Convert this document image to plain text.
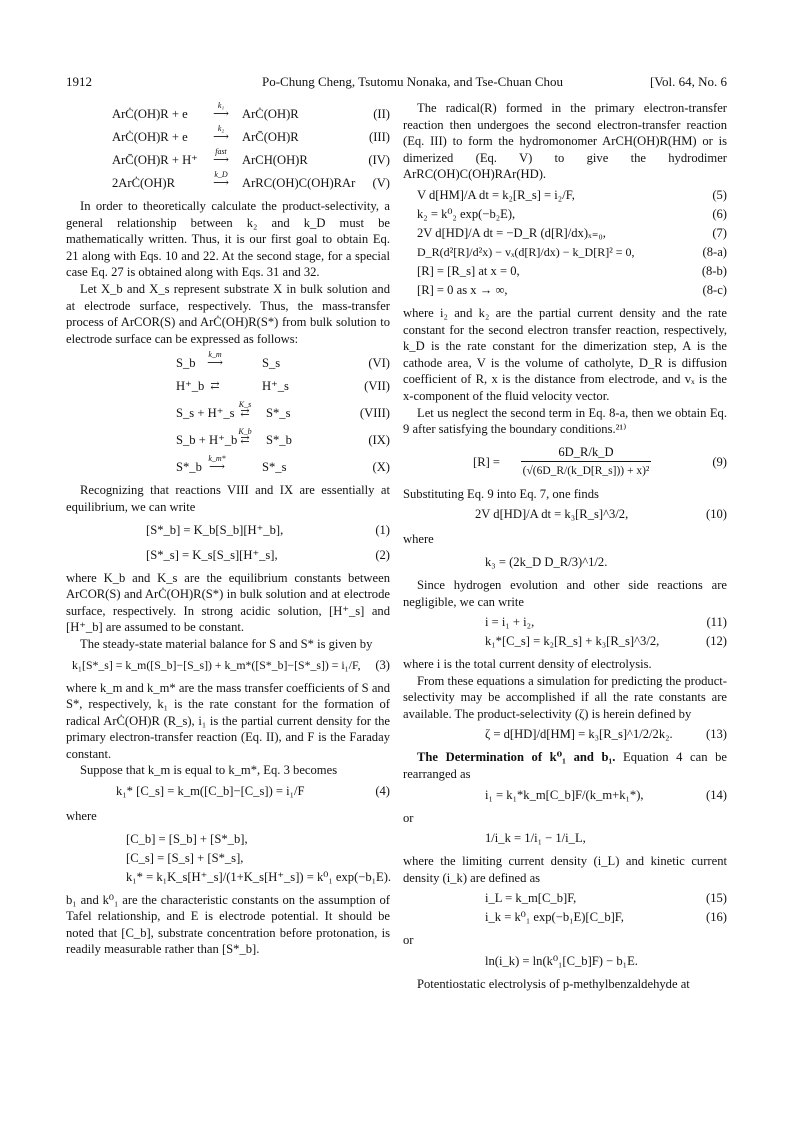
1912	Po-Chung Cheng, Tsutomu Nonaka, and Tse-Chuan Chou	[Vol. 64, No. 6
ArĊ(OH)R + e	⟶
k₁
ArĊ(OH)R	(II)
ArĊ(OH)R + e	⟶
k₂
ArC̄(OH)R	(III)
ArC̄(OH)R + H⁺	⟶
fast
ArCH(OH)R	(IV)
2ArĊ(OH)R	⟶
k_D
ArRC(OH)C(OH)RAr (V)

In order to theoretically calculate the product-selectivity, a general relationship between k₂ and k_D must be mathematically written. Thus, it is our first goal to obtain Eq. 21 along with Eqs. 10 and 22. At the second stage, for a special case Eq. 27 is obtained along with Eqs. 31 and 32.

Let X_b and X_s represent substrate X in bulk solution and at electrode surface, respectively. Thus, the mass-transfer process of ArCOR(S) and ArĊ(OH)R(S*) from bulk solution to electrode surface can be expressed as follows:

S_b	⟶
k_m
S_s	(VI)
H⁺_b ⇄	H⁺_s	(VII)
S_s + H⁺_s ⇄
K_s
S*_s	(VIII)
S_b + H⁺_b ⇄
K_b
S*_b	(IX)
S*_b ⟶
k_m*
S*_s	(X)

Recognizing that reactions VIII and IX are essentially at equilibrium, we can write

[S*_b] = K_b[S_b][H⁺_b],	(1)
[S*_s] = K_s[S_s][H⁺_s],	(2)

where K_b and K_s are the equilibrium constants between ArCOR(S) and ArĊ(OH)R(S*) in bulk solution and at electrode surface, respectively. In strong acidic solution, [H⁺_s] and [H⁺_b] are assumed to be constant.

The steady-state material balance for S and S* is given by

k₁[S*_s] = k_m([S_b]−[S_s]) + k_m*([S*_b]−[S*_s]) = i₁/F, (3)

where k_m and k_m* are the mass transfer coefficients of S and S*, respectively, k₁ is the rate constant for the formation of radical ArĊ(OH)R (R_s), i₁ is the partial current density for the primary electron-transfer reaction (Eq. II), and F is the Faraday constant.

Suppose that k_m is equal to k_m*, Eq. 3 becomes

k₁* [C_s] = k_m([C_b]−[C_s]) = i₁/F	(4)

where

[C_b] = [S_b] + [S*_b],
[C_s] = [S_s] + [S*_s],
k₁* = k₁K_s[H⁺_s]/(1+K_s[H⁺_s]) = k⁰₁ exp(−b₁E).

b₁ and k⁰₁ are the characteristic constants on the assumption of Tafel relationship, and E is electrode potential. It should be noted that [C_b], substrate concentration before protonation, is readily measurable rather than [S*_b].

The radical(R) formed in the primary electron-transfer reaction then undergoes the second electron-transfer reaction (Eq. III) to form the hydromonomer ArCH(OH)R(HM) or is dimerized (Eq. V) to give the hydrodimer ArRC(OH)C(OH)RAr(HD).

V d[HM]/A dt = k₂[R_s] = i₂/F,	(5)
k₂ = k⁰₂ exp(−b₂E),	(6)
2V d[HD]/A dt = −D_R (d[R]/dx)ₓ₌₀,	(7)
D_R(d²[R]/d²x) − vₓ(d[R]/dx) − k_D[R]² = 0,	(8-a)
[R] = [R_s] at x = 0,	(8-b)
[R] = 0 as x → ∞,	(8-c)

where i₂ and k₂ are the partial current density and the rate constant for the second electron transfer reaction, respectively, k_D is the rate constant for the dimerization step, A is the cathode area, V is the volume of catholyte, D_R is diffusion coefficient of R, x is the distance from electrode, and vₓ is the x-component of the fluid velocity vector.

Let us neglect the second term in Eq. 8-a, then we obtain Eq. 9 after satisfying the boundary conditions.²¹⁾

[R] =
6D_R/k_D
(√(6D_R/(k_D[R_s])) + x)²
(9)

Substituting Eq. 9 into Eq. 7, one finds

2V d[HD]/A dt = k₃[R_s]^3/2,	(10)

where

k₃ = (2k_D D_R/3)^1/2.

Since hydrogen evolution and other side reactions are negligible, we can write

i = i₁ + i₂,	(11)
k₁*[C_s] = k₂[R_s] + k₃[R_s]^3/2,	(12)

where i is the total current density of electrolysis.

From these equations a simulation for predicting the product-selectivity may be accomplished if all the rate constants are available. The product-selectivity (ζ) is herein defined by

ζ = d[HD]/d[HM] = k₃[R_s]^1/2/2k₂.	(13)

The Determination of k⁰₁ and b₁. Equation 4 can be rearranged as

i₁ = k₁*k_m[C_b]F/(k_m+k₁*),	(14)

or

1/i_k = 1/i₁ − 1/i_L,

where the limiting current density (i_L) and kinetic current density (i_k) are defined as

i_L = k_m[C_b]F,	(15)
i_k = k⁰₁ exp(−b₁E)[C_b]F,	(16)

or

ln(i_k) = ln(k⁰₁[C_b]F) − b₁E.

Potentiostatic electrolysis of p-methylbenzaldehyde at
